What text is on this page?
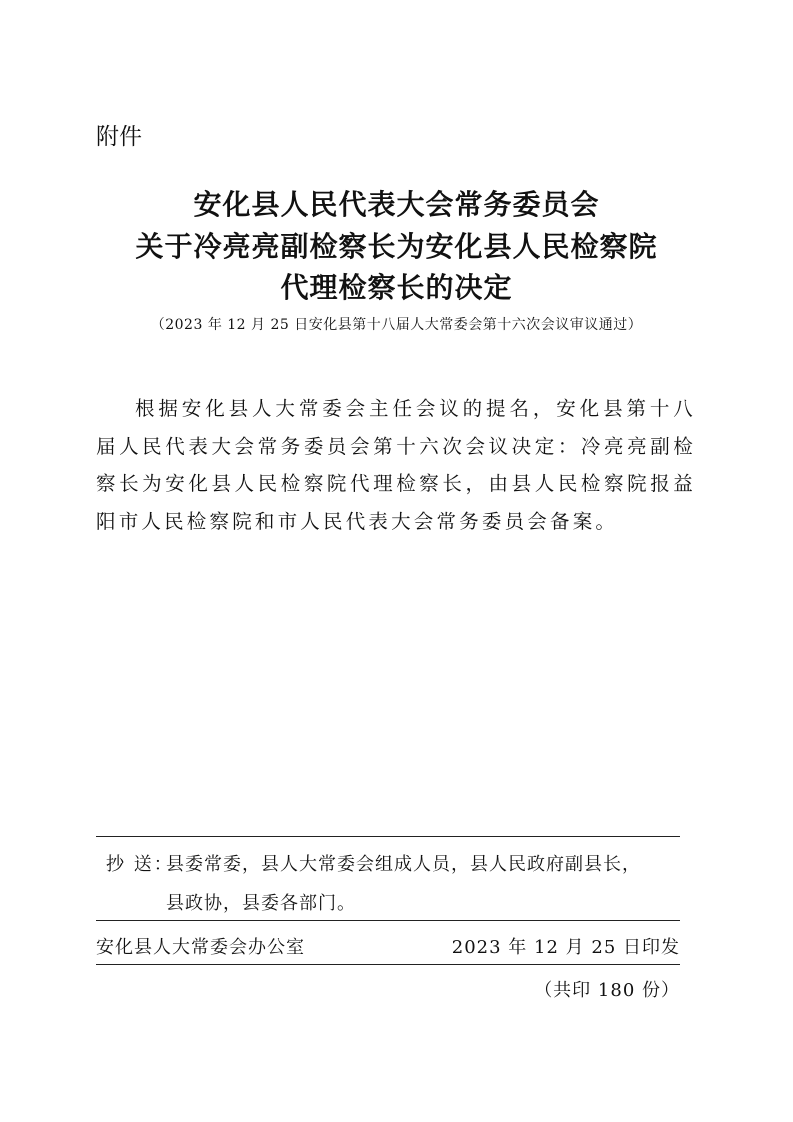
附件
安化县人民代表大会常务委员会
关于冷亮亮副检察长为安化县人民检察院
代理检察长的决定
（2023 年 12 月 25 日安化县第十八届人大常委会第十六次会议审议通过）
根据安化县人大常委会主任会议的提名，安化县第十八届人民代表大会常务委员会第十六次会议决定：冷亮亮副检察长为安化县人民检察院代理检察长，由县人民检察院报益阳市人民检察院和市人民代表大会常务委员会备案。
抄 送：
县委常委，县人大常委会组成人员，县人民政府副县长，
县政协，县委各部门。
安化县人大常委会办公室	2023 年 12 月 25 日印发
（共印 180 份）
